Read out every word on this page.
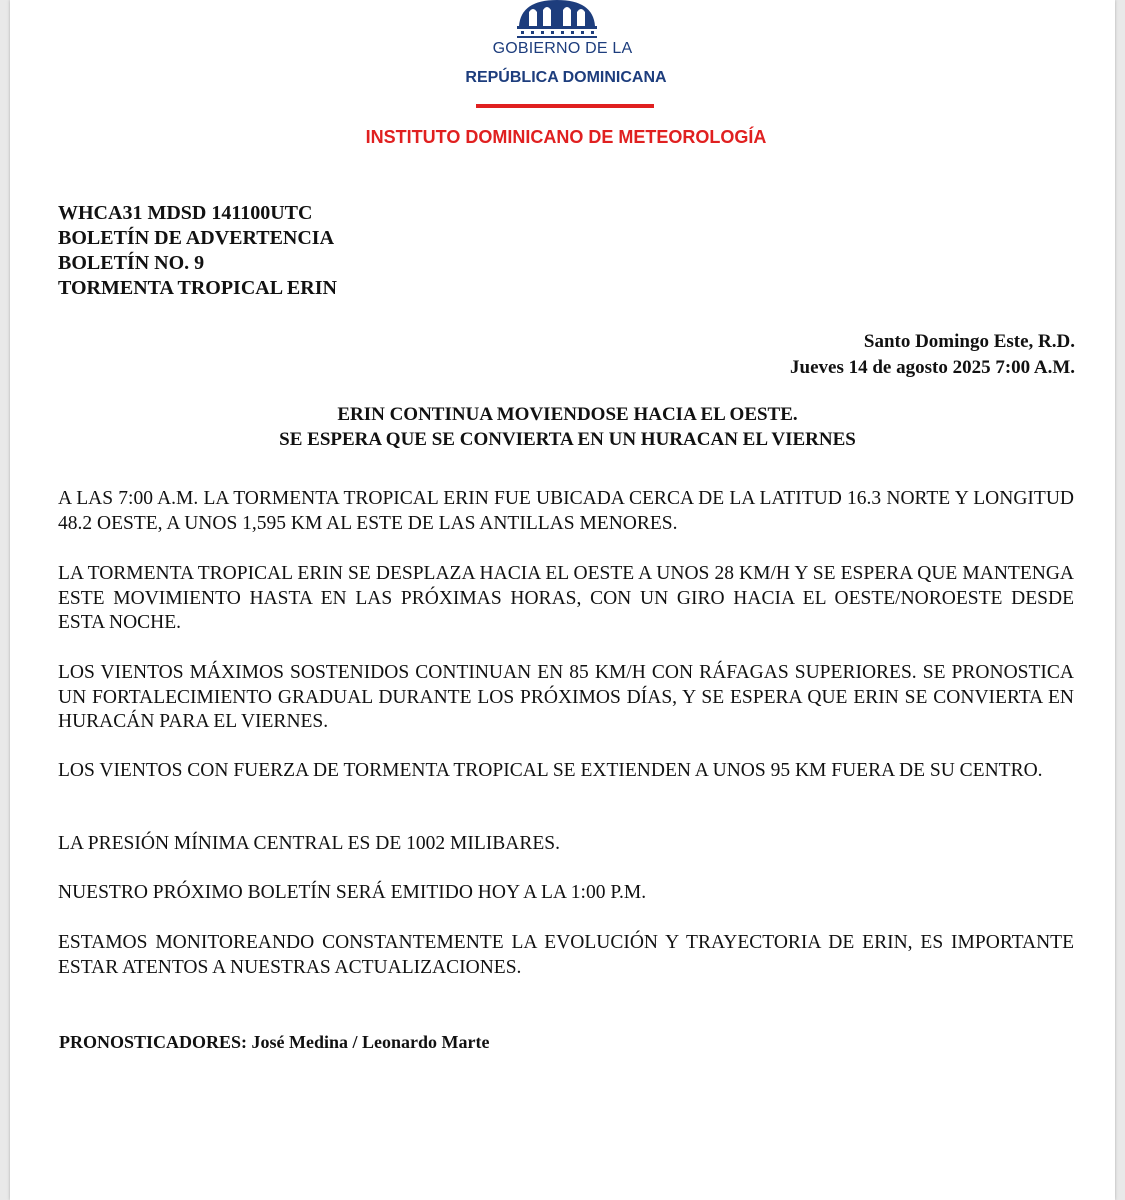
GOBIERNO DE LA
REPÚBLICA DOMINICANA
INSTITUTO DOMINICANO DE METEOROLOGÍA
WHCA31 MDSD 141100UTC
BOLETÍN DE ADVERTENCIA
BOLETÍN NO. 9
TORMENTA TROPICAL ERIN
Santo Domingo Este, R.D.
Jueves 14 de agosto 2025 7:00 A.M.
ERIN CONTINUA MOVIENDOSE HACIA EL OESTE.
SE ESPERA QUE SE CONVIERTA EN UN HURACAN EL VIERNES
A LAS 7:00 A.M. LA TORMENTA TROPICAL ERIN FUE UBICADA CERCA DE LA LATITUD 16.3 NORTE Y LONGITUD 48.2 OESTE, A UNOS 1,595 KM AL ESTE DE LAS ANTILLAS MENORES.
LA TORMENTA TROPICAL ERIN SE DESPLAZA HACIA EL OESTE A UNOS 28 KM/H Y SE ESPERA QUE MANTENGA ESTE MOVIMIENTO HASTA EN LAS PRÓXIMAS HORAS, CON UN GIRO HACIA EL OESTE/NOROESTE DESDE ESTA NOCHE.
LOS VIENTOS MÁXIMOS SOSTENIDOS CONTINUAN EN 85 KM/H CON RÁFAGAS SUPERIORES. SE PRONOSTICA UN FORTALECIMIENTO GRADUAL DURANTE LOS PRÓXIMOS DÍAS, Y SE ESPERA QUE ERIN SE CONVIERTA EN HURACÁN PARA EL VIERNES.
LOS VIENTOS CON FUERZA DE TORMENTA TROPICAL SE EXTIENDEN A UNOS 95 KM FUERA DE SU CENTRO.
LA PRESIÓN MÍNIMA CENTRAL ES DE 1002 MILIBARES.
NUESTRO PRÓXIMO BOLETÍN SERÁ EMITIDO HOY A LA 1:00 P.M.
ESTAMOS MONITOREANDO CONSTANTEMENTE LA EVOLUCIÓN Y TRAYECTORIA DE ERIN, ES IMPORTANTE ESTAR ATENTOS A NUESTRAS ACTUALIZACIONES.
PRONOSTICADORES: José Medina / Leonardo Marte
